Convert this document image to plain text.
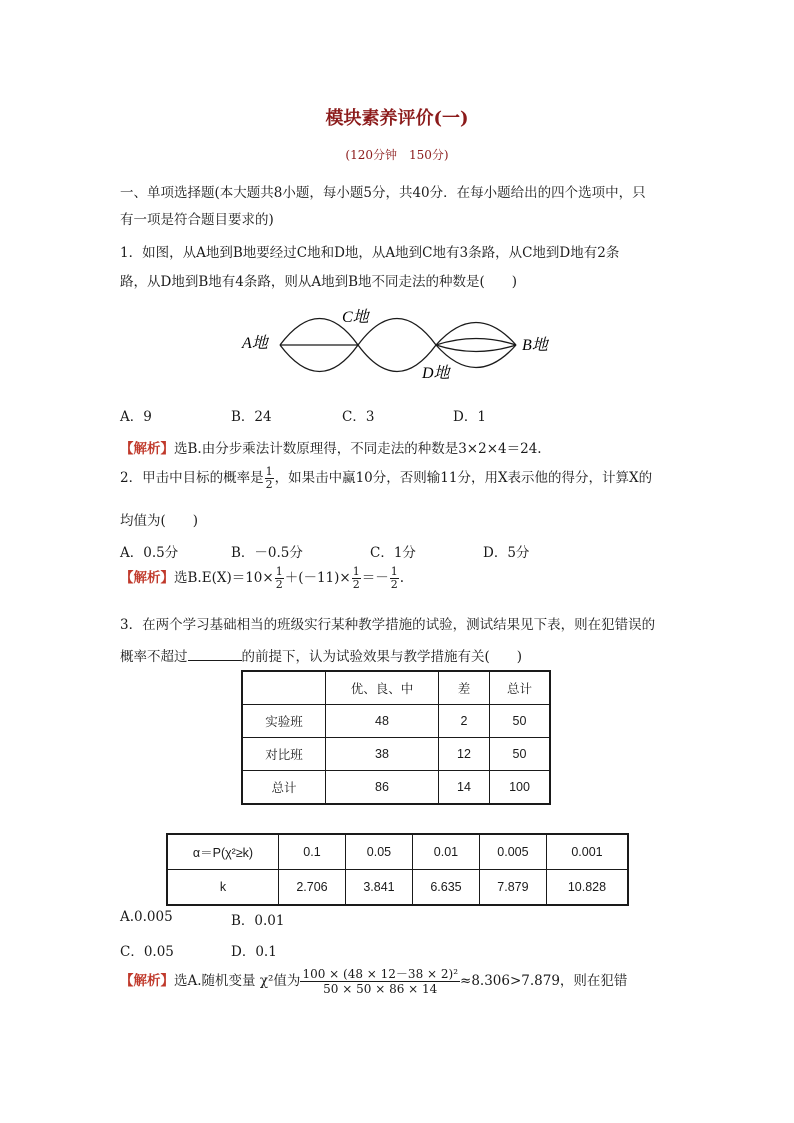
模块素养评价(一)
(120分钟　150分)
一、单项选择题(本大题共8小题，每小题5分，共40分．在每小题给出的四个选项中，只
有一项是符合题目要求的)
1．如图，从A地到B地要经过C地和D地，从A地到C地有3条路，从C地到D地有2条
路，从D地到B地有4条路，则从A地到B地不同走法的种数是(　　)
A地
C地
D地
B地
A．9	B．24	C．3	D．1
【解析】选B.由分步乘法计数原理得，不同走法的种数是3×2×4＝24.
2．甲击中目标的概率是 $\frac{1}{2}$ ，如果击中赢10分，否则输11分，用X表示他的得分，计算X的
均值为(　　)
A．0.5分	B．－0.5分	C．1分	D．5分
【解析】选$B.E(X)=10\times \frac{1}{2} +(-11)\times \frac{1}{2} =- \frac{1}{2}$ .
3．在两个学习基础相当的班级实行某种教学措施的试验，测试结果见下表，则在犯错误的
概率不超过	的前提下，认为试验效果与教学措施有关(　　)
	优、良、中	差	总计
实验班	48	2	50
对比班	38	12	50
总计	86	14	100
α＝P(χ²≥k)	0.1	0.05	0.01	0.005	0.001
k	2.706	3.841	6.635	7.879	10.828
A.0.005	B．0.01
C．0.05	D．0.1
【解析】选A.随机变量 χ²值为 $\frac{\text{100 × (48 × 12－38 × 2)²}}{50 \times 50 \times 86 \times 14} \approx 8.306>7.879$，则在犯错
